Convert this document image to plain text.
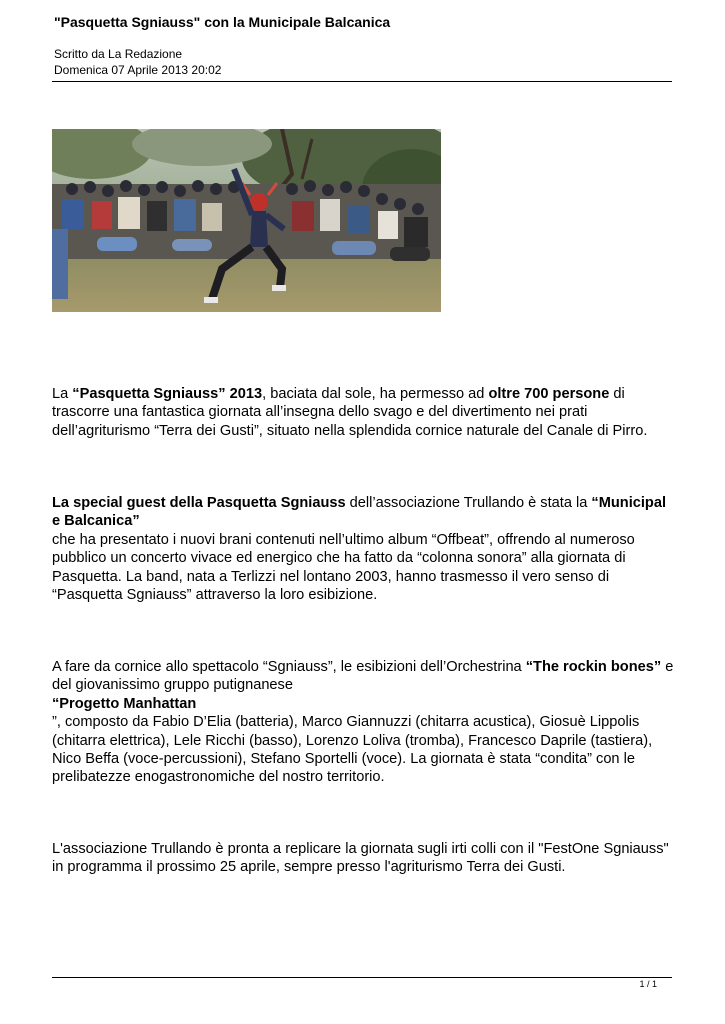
"Pasquetta Sgniauss" con la Municipale Balcanica
Scritto da La Redazione
Domenica 07 Aprile 2013 20:02
La “Pasquetta Sgniauss” 2013, baciata dal sole, ha permesso ad oltre 700 persone di trascorre una fantastica giornata all’insegna dello svago e del divertimento nei prati dell’agriturismo “Terra dei Gusti”, situato nella splendida cornice naturale del Canale di Pirro.
La special guest della Pasquetta Sgniauss dell’associazione Trullando è stata la “Municipal e Balcanica”
che ha presentato i nuovi brani contenuti nell’ultimo album “Offbeat”, offrendo al numeroso pubblico un concerto vivace ed energico che ha fatto da “colonna sonora” alla giornata di Pasquetta. La band, nata a Terlizzi nel lontano 2003, hanno trasmesso il vero senso di “Pasquetta Sgniauss” attraverso la loro esibizione.
A fare da cornice allo spettacolo “Sgniauss”, le esibizioni dell’Orchestrina “The rockin bones” e del giovanissimo gruppo putignanese
“Progetto Manhattan
”, composto da Fabio D’Elia (batteria), Marco Giannuzzi (chitarra acustica), Giosuè Lippolis (chitarra elettrica), Lele Ricchi (basso), Lorenzo Loliva (tromba), Francesco Daprile (tastiera), Nico Beffa (voce-percussioni), Stefano Sportelli (voce). La giornata è stata “condita” con le prelibatezze enogastronomiche del nostro territorio.
L'associazione Trullando è pronta a replicare la giornata sugli irti colli con il "FestOne Sgniauss" in programma il prossimo 25 aprile, sempre presso l'agriturismo Terra dei Gusti.
1 / 1
